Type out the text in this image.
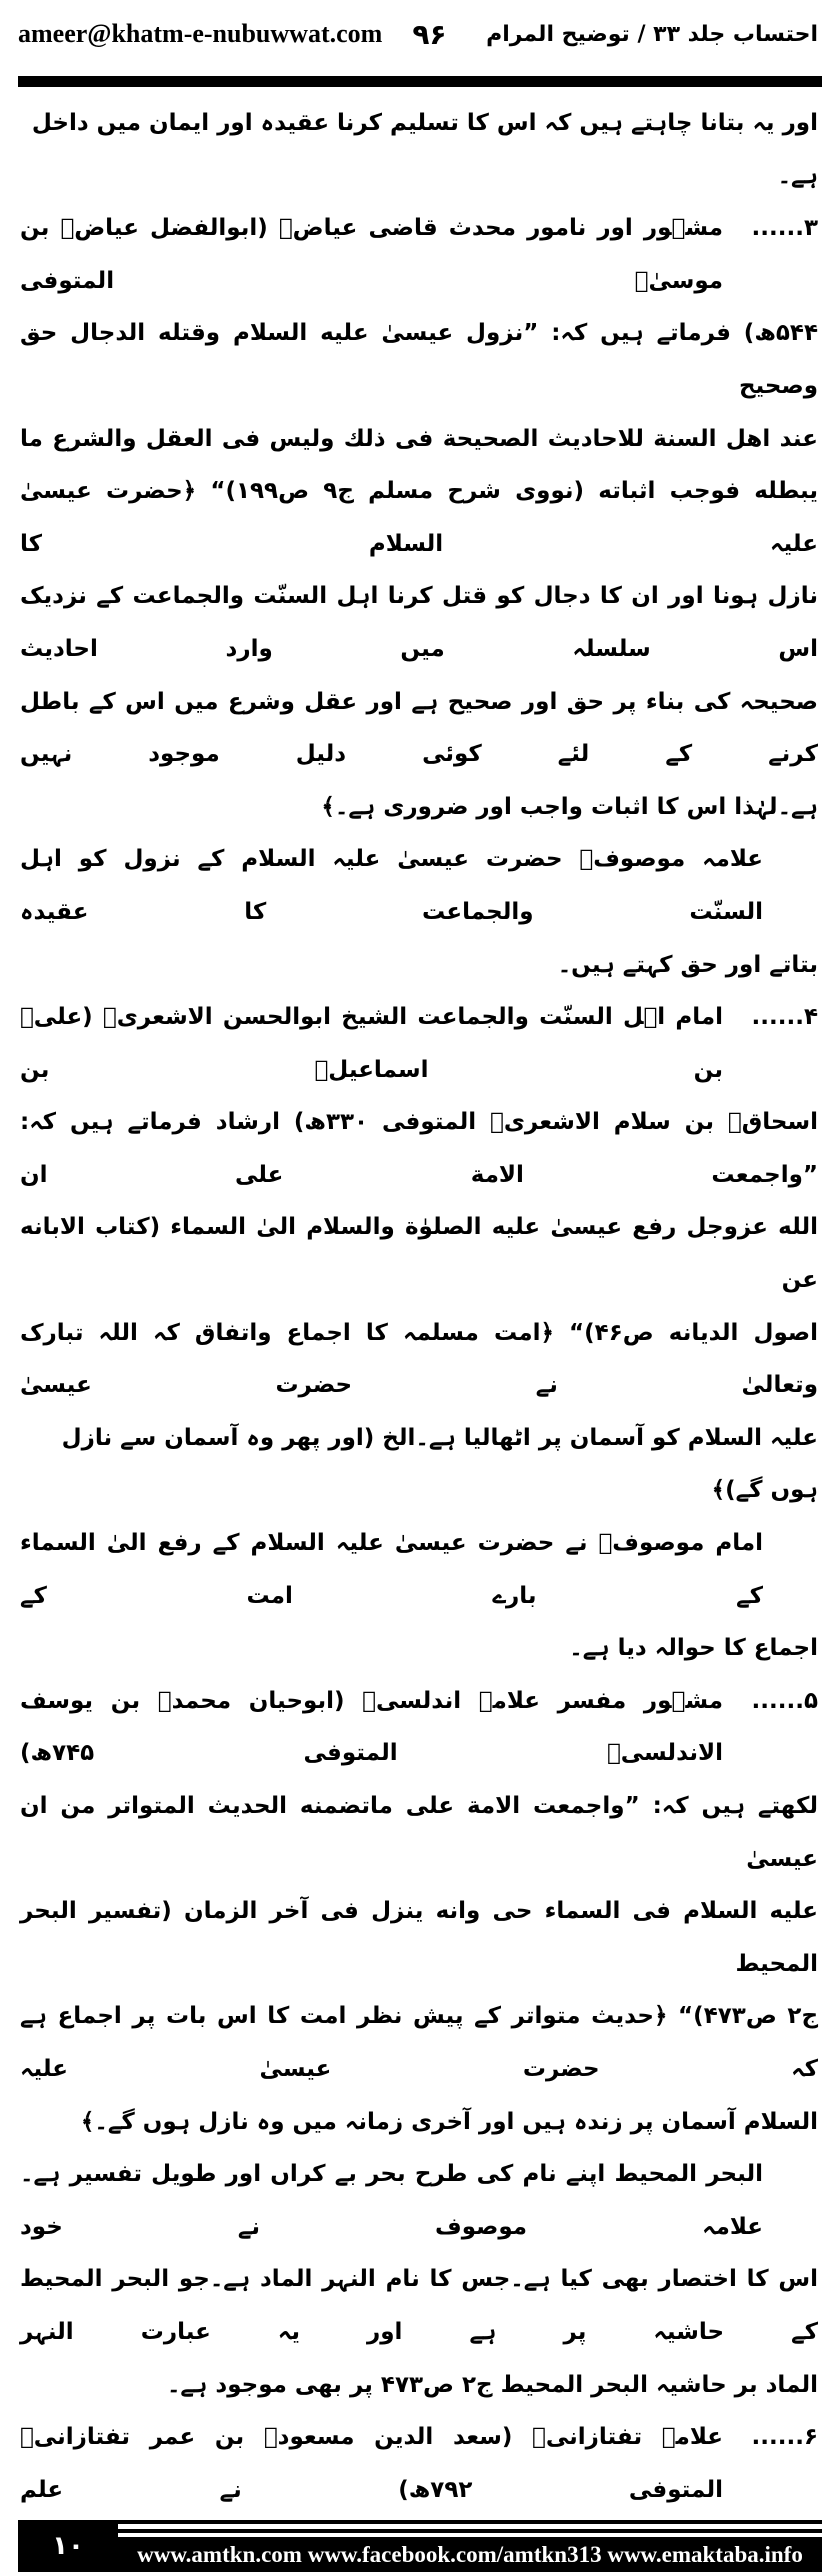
ameer@khatm-e-nubuwwat.com ۹۶ احتساب جلد ۳۳ / توضیح المرام
اور یہ بتانا چاہتے ہیں کہ اس کا تسلیم کرنا عقیدہ اور ایمان میں داخل ہے۔
۳......
مشہور اور نامور محدث قاضی عیاضؒ (ابوالفضل عیاضؒ بن موسیٰؒ المتوفی
۵۴۴ھ) فرماتے ہیں کہ: ”نزول عیسیٰ علیه السلام وقتله الدجال حق وصحیح
عند اهل السنة للاحادیث الصحیحة فی ذلك ولیس فی العقل والشرع ما
یبطله فوجب اثباته (نووی شرح مسلم ج۹ ص۱۹۹)“ ﴿حضرت عیسیٰ علیہ السلام کا
نازل ہونا اور ان کا دجال کو قتل کرنا اہل السنّت والجماعت کے نزدیک اس سلسلہ میں وارد احادیث
صحیحہ کی بناء پر حق اور صحیح ہے اور عقل وشرع میں اس کے باطل کرنے کے لئے کوئی دلیل موجود نہیں
ہے۔لہٰذا اس کا اثبات واجب اور ضروری ہے۔﴾
علامہ موصوفؒ حضرت عیسیٰ علیہ السلام کے نزول کو اہل السنّت والجماعت کا عقیدہ
بتاتے اور حق کہتے ہیں۔
۴......
امام اہل السنّت والجماعت الشیخ ابوالحسن الاشعریؒ (علیؒ بن اسماعیلؒ بن
اسحاقؒ بن سلام الاشعریؒ المتوفی ۳۳۰ھ) ارشاد فرماتے ہیں کہ: ”واجمعت الامة علی ان
الله عزوجل رفع عیسیٰ علیه الصلوٰة والسلام الیٰ السماء (کتاب الابانه عن
اصول الدیانه ص۴۶)“ ﴿امت مسلمہ کا اجماع واتفاق کہ اللہ تبارک وتعالیٰ نے حضرت عیسیٰ
علیہ السلام کو آسمان پر اٹھالیا ہے۔الخ (اور پھر وہ آسمان سے نازل ہوں گے)﴾
امام موصوفؒ نے حضرت عیسیٰ علیہ السلام کے رفع الیٰ السماء کے بارے امت کے
اجماع کا حوالہ دیا ہے۔
۵......
مشہور مفسر علامہ اندلسیؒ (ابوحیان محمدؒ بن یوسف الاندلسیؒ المتوفی ۷۴۵ھ)
لکھتے ہیں کہ: ”واجمعت الامة علی ماتضمنه الحدیث المتواتر من ان عیسیٰ
علیه السلام فی السماء حی وانه ینزل فی آخر الزمان (تفسیر البحر المحیط
ج۲ ص۴۷۳)“ ﴿حدیث متواتر کے پیش نظر امت کا اس بات پر اجماع ہے کہ حضرت عیسیٰ علیہ
السلام آسمان پر زندہ ہیں اور آخری زمانہ میں وہ نازل ہوں گے۔﴾
البحر المحیط اپنے نام کی طرح بحر بے کراں اور طویل تفسیر ہے۔علامہ موصوف نے خود
اس کا اختصار بھی کیا ہے۔جس کا نام النہر الماد ہے۔جو البحر المحیط کے حاشیہ پر ہے اور یہ عبارت النہر
الماد بر حاشیہ البحر المحیط ج۲ ص۴۷۳ پر بھی موجود ہے۔
۶......
علامہ تفتازانیؒ (سعد الدین مسعودؒ بن عمر تفتازانیؒ المتوفی ۷۹۲ھ) نے علم
۱۰	www.amtkn.com www.facebook.com/amtkn313 www.emaktaba.info
